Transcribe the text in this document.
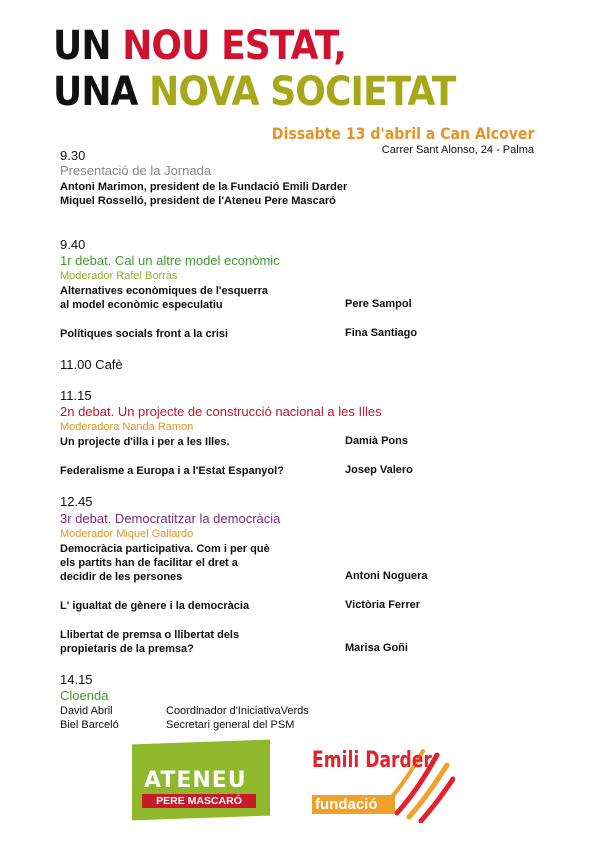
UN NOU ESTAT,
UNA NOVA SOCIETAT
Dissabte 13 d'abril a Can Alcover
Carrer Sant Alonso, 24 - Palma
9.30
Presentació de la Jornada
Antoni Marimon, president de la Fundació Emili Darder
Miquel Rosselló, president de l'Ateneu Pere Mascaró
9.40
1r debat. Cal un altre model econòmic
Moderador Rafel Borràs
Alternatives econòmiques de l'esquerra
al model econòmic especulatiu	Pere Sampol
Polítiques socials front a la crisi	Fina Santiago
11.00 Cafè
11.15
2n debat. Un projecte de construcció nacional a les Illes
Moderadora Nanda Ramon
Un projecte d'illa i per a les Illes.	Damià Pons
Federalisme a Europa i a l'Estat Espanyol?	Josep Valero
12.45
3r debat. Democratitzar la democràcia
Moderador Miquel Gallardo
Democràcia participativa. Com i per què
els partits han de facilitar el dret a
decidir de les persones	Antoni Noguera
L' igualtat de gènere i la democràcia	Victòria Ferrer
Llibertat de premsa o llibertat dels
propietaris de la premsa?	Marisa Goñi
14.15
Cloenda
David Abril	Coordinador d'IniciativaVerds
Biel Barceló	Secretari general del PSM
ATENEU
PERE MASCARÓ
Emili Darder
fundació
